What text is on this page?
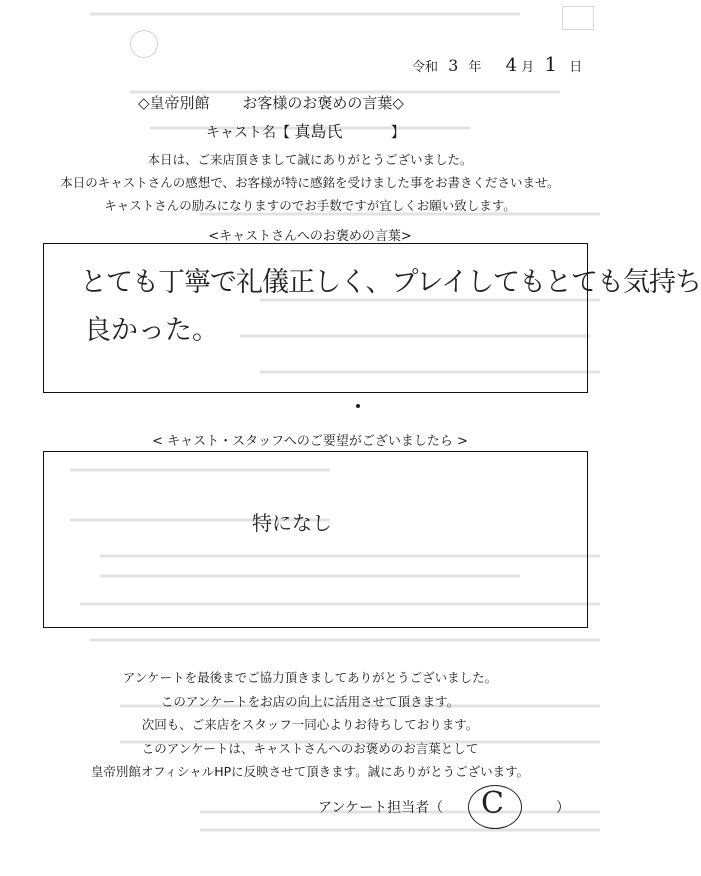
令和 3 年 4 月 1 日
◇皇帝別館 お客様のお褒めの言葉◇
キャスト名【 真島氏	】
本日は、ご来店頂きまして誠にありがとうございました。
本日のキャストさんの感想で、お客様が特に感銘を受けました事をお書きくださいませ。
キャストさんの励みになりますのでお手数ですが宜しくお願い致します。
<キャストさんへのお褒めの言葉>
とても丁寧で礼儀正しく、プレイしてもとても気持ち
良かった。
< キャスト・スタッフへのご要望がございましたら >
特になし
アンケートを最後までご協力頂きましてありがとうございました。
このアンケートをお店の向上に活用させて頂きます。
次回も、ご来店をスタッフ一同心よりお待ちしております。
このアンケートは、キャストさんへのお褒めのお言葉として
皇帝別館オフィシャルHPに反映させて頂きます。誠にありがとうございます。
アンケート担当者（ C	）
